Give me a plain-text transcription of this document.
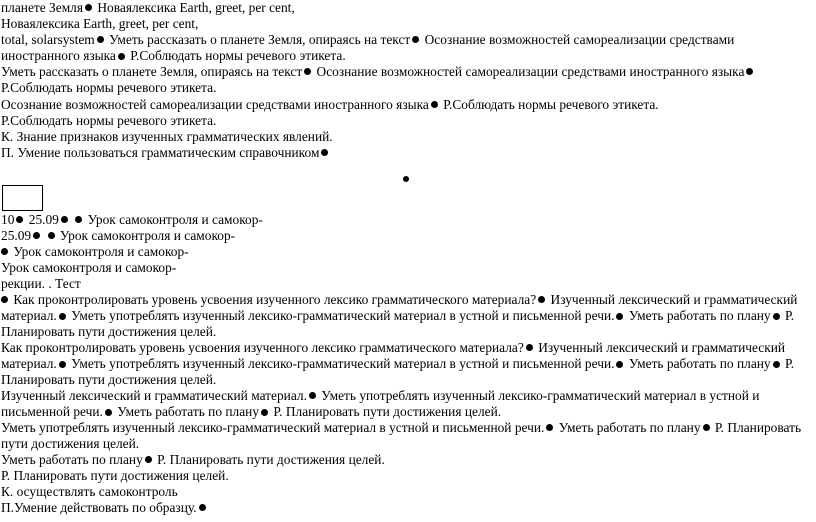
планете Земля Новаялексика Earth, greet, per cent,
Новаялексика Earth, greet, per cent,
total, solarsystem Уметь рассказать о планете Земля, опираясь на текст Осознание возможностей самореализации средствами иностранного языка Р.Соблюдать нормы речевого этикета.
Уметь рассказать о планете Земля, опираясь на текст Осознание возможностей самореализации средствами иностранного языка Р.Соблюдать нормы речевого этикета.
Осознание возможностей самореализации средствами иностранного языка Р.Соблюдать нормы речевого этикета.
Р.Соблюдать нормы речевого этикета.
К. Знание признаков изученных грамматических явлений.
П. Умение пользоваться грамматическим справочником
10 25.09 Урок самоконтроля и самокор-
25.09 Урок самоконтроля и самокор-
Урок самоконтроля и самокор-
Урок самоконтроля и самокор-
рекции. . Тест
Как проконтролировать уровень усвоения изученного лексико грамматического материала? Изученный лексический и грамматический материал. Уметь употреблять изученный лексико-грамматический материал в устной и письменной речи. Уметь работать по плану Р. Планировать пути достижения целей.
Как проконтролировать уровень усвоения изученного лексико грамматического материала? Изученный лексический и грамматический материал. Уметь употреблять изученный лексико-грамматический материал в устной и письменной речи. Уметь работать по плану Р. Планировать пути достижения целей.
Изученный лексический и грамматический материал. Уметь употреблять изученный лексико-грамматический материал в устной и письменной речи. Уметь работать по плану Р. Планировать пути достижения целей.
Уметь употреблять изученный лексико-грамматический материал в устной и письменной речи. Уметь работать по плану Р. Планировать пути достижения целей.
Уметь работать по плану Р. Планировать пути достижения целей.
Р. Планировать пути достижения целей.
К. осуществлять самоконтроль
П.Умение действовать по образцу.
